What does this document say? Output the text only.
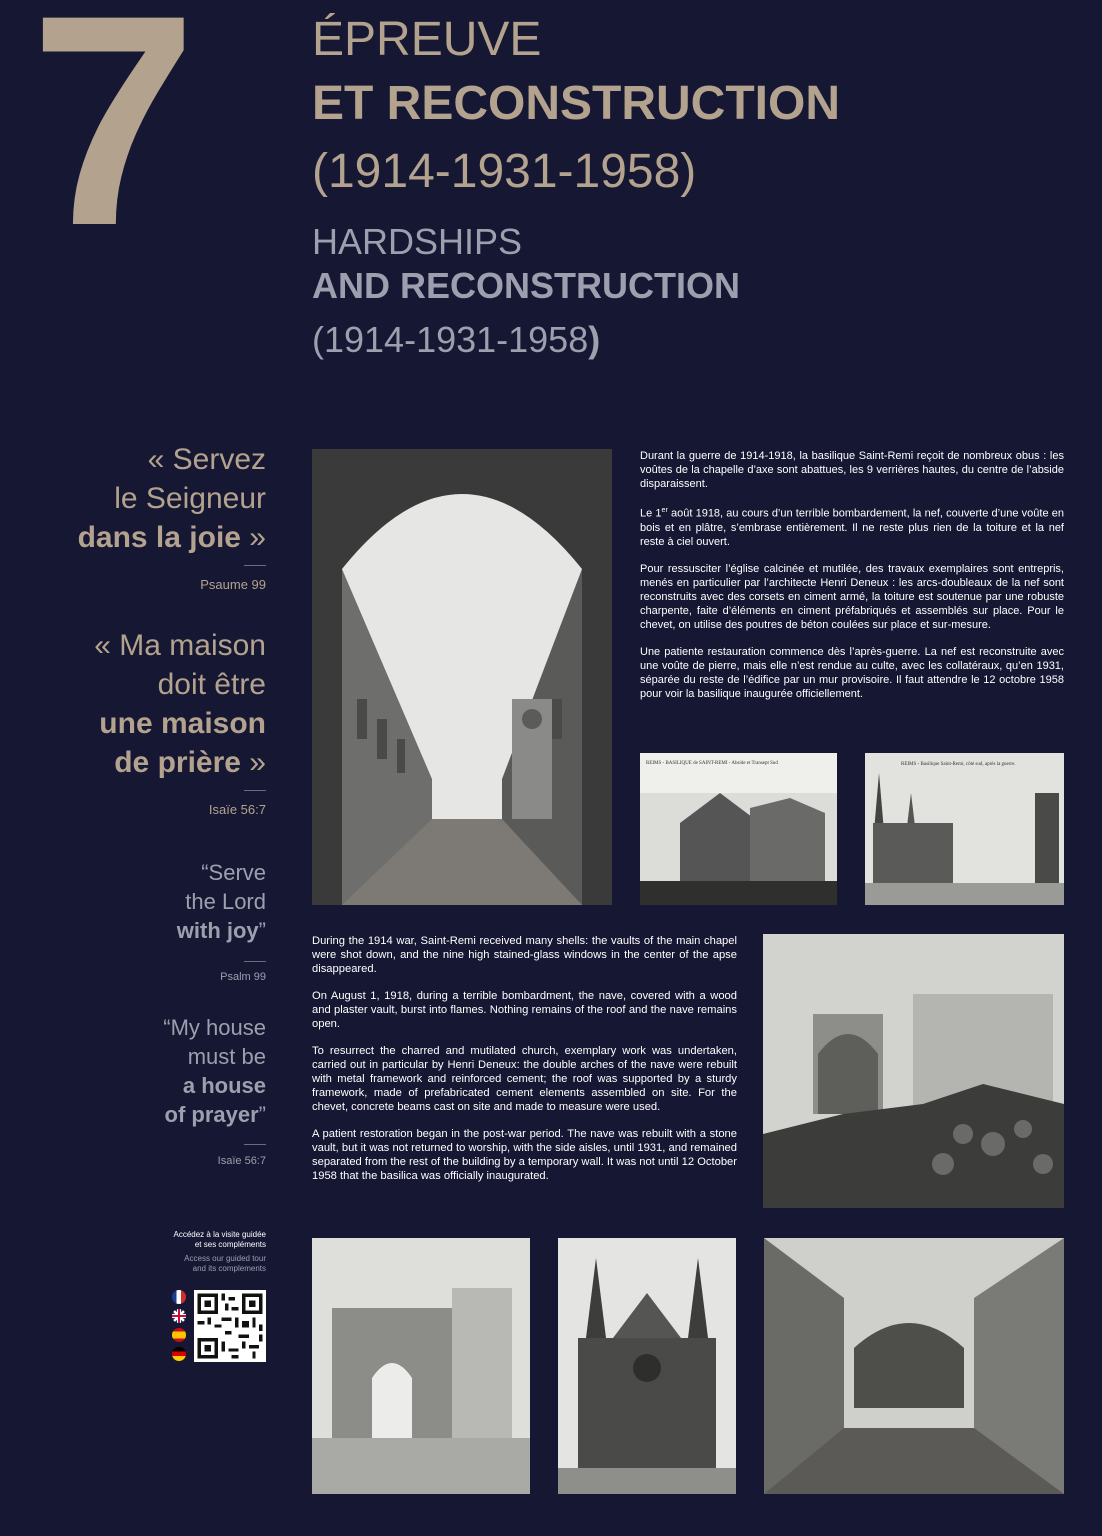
7	ÉPREUVE
ET RECONSTRUCTION
(1914-1931-1958)
HARDSHIPS
AND RECONSTRUCTION
(1914-1931-1958)
« Servez
le Seigneur
dans la joie »
Psaume 99
« Ma maison
doit être
une maison
de prière »
Isaïe 56:7
“Serve
the Lord
with joy”
Psalm 99
“My house
must be
a house
of prayer”
Isaïe 56:7

Durant la guerre de 1914-1918, la basilique Saint-Remi reçoit de nombreux obus : les voûtes de la chapelle d’axe sont abattues, les 9 verrières hautes, du centre de l’abside disparaissent.

Le 1er août 1918, au cours d’un terrible bombardement, la nef, couverte d’une voûte en bois et en plâtre, s’embrase entièrement. Il ne reste plus rien de la toiture et la nef reste à ciel ouvert.

Pour ressusciter l’église calcinée et mutilée, des travaux exemplaires sont entrepris, menés en particulier par l’architecte Henri Deneux : les arcs-doubleaux de la nef sont reconstruits avec des corsets en ciment armé, la toiture est soutenue par une robuste charpente, faite d’éléments en ciment préfabriqués et assemblés sur place. Pour le chevet, on utilise des poutres de béton coulées sur place et sur-mesure.

Une patiente restauration commence dès l’après-guerre. La nef est reconstruite avec une voûte de pierre, mais elle n’est rendue au culte, avec les collatéraux, qu’en 1931, séparée du reste de l’édifice par un mur provisoire. Il faut attendre le 12 octobre 1958 pour voir la basilique inaugurée officiellement.

REIMS - BASILIQUE de SAINT-REMI - Abside et Transept Sud	REIMS - Basilique Saint-Remi, côté sud, après la guerre.

During the 1914 war, Saint-Remi received many shells: the vaults of the main chapel were shot down, and the nine high stained-glass windows in the center of the apse disappeared.

On August 1, 1918, during a terrible bombardment, the nave, covered with a wood and plaster vault, burst into flames. Nothing remains of the roof and the nave remains open.

To resurrect the charred and mutilated church, exemplary work was undertaken, carried out in particular by Henri Deneux: the double arches of the nave were rebuilt with metal framework and reinforced cement; the roof was supported by a sturdy framework, made of prefabricated cement elements assembled on site. For the chevet, concrete beams cast on site and made to measure were used.

A patient restoration began in the post-war period. The nave was rebuilt with a stone vault, but it was not returned to worship, with the side aisles, until 1931, and remained separated from the rest of the building by a temporary wall. It was not until 12 October 1958 that the basilica was officially inaugurated.

Accédez à la visite guidée
et ses compléments
Access our guided tour
and its complements
